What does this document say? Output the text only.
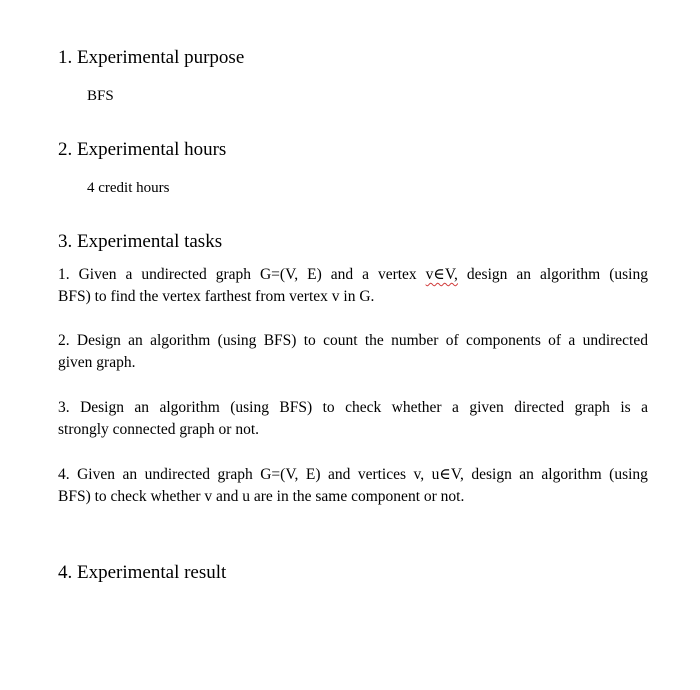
1. Experimental purpose
BFS
2. Experimental hours
4 credit hours
3. Experimental tasks
1. Given a undirected graph G=(V, E) and a vertex v∈V, design an algorithm (using
BFS) to find the vertex farthest from vertex v in G.
2. Design an algorithm (using BFS) to count the number of components of a undirected
given graph.
3. Design an algorithm (using BFS) to check whether a given directed graph is a
strongly connected graph or not.
4. Given an undirected graph G=(V, E) and vertices v, u∈V, design an algorithm (using
BFS) to check whether v and u are in the same component or not.
4. Experimental result
